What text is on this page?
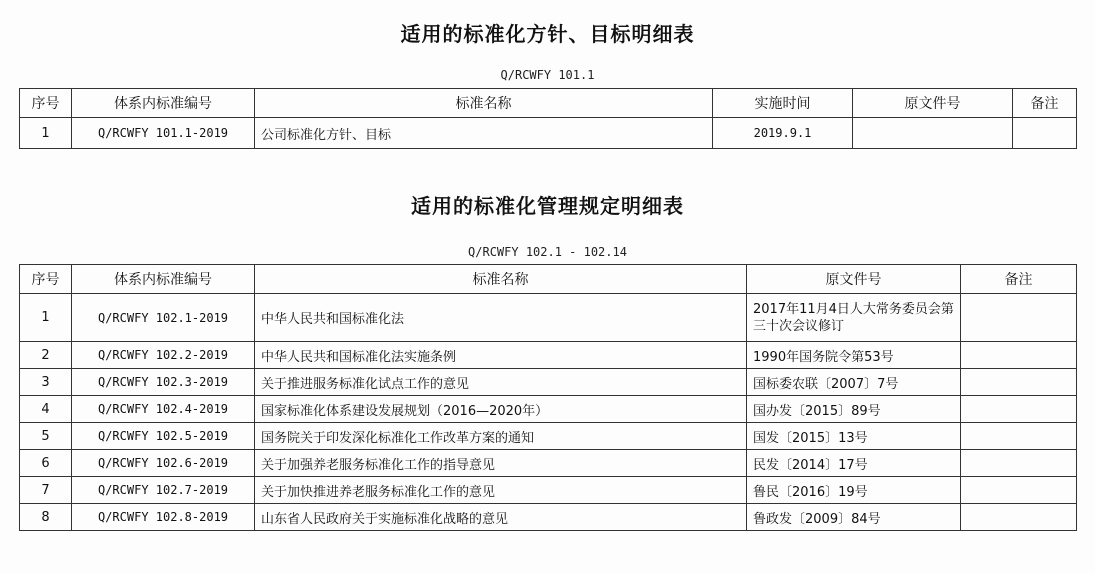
适用的标准化方针、目标明细表
Q/RCWFY 101.1
序号	体系内标准编号	标准名称	实施时间	原文件号	备注
1	Q/RCWFY 101.1-2019	公司标准化方针、目标	2019.9.1		
适用的标准化管理规定明细表
Q/RCWFY 102.1 - 102.14
序号	体系内标准编号	标准名称	原文件号	备注
1	Q/RCWFY 102.1-2019	中华人民共和国标准化法	2017年11月4日人大常务委员会第三十次会议修订	
2	Q/RCWFY 102.2-2019	中华人民共和国标准化法实施条例	1990年国务院令第53号	
3	Q/RCWFY 102.3-2019	关于推进服务标准化试点工作的意见	国标委农联〔2007〕7号	
4	Q/RCWFY 102.4-2019	国家标准化体系建设发展规划（2016—2020年）	国办发〔2015〕89号	
5	Q/RCWFY 102.5-2019	国务院关于印发深化标准化工作改革方案的通知	国发〔2015〕13号	
6	Q/RCWFY 102.6-2019	关于加强养老服务标准化工作的指导意见	民发〔2014〕17号	
7	Q/RCWFY 102.7-2019	关于加快推进养老服务标准化工作的意见	鲁民〔2016〕19号	
8	Q/RCWFY 102.8-2019	山东省人民政府关于实施标准化战略的意见	鲁政发〔2009〕84号	
